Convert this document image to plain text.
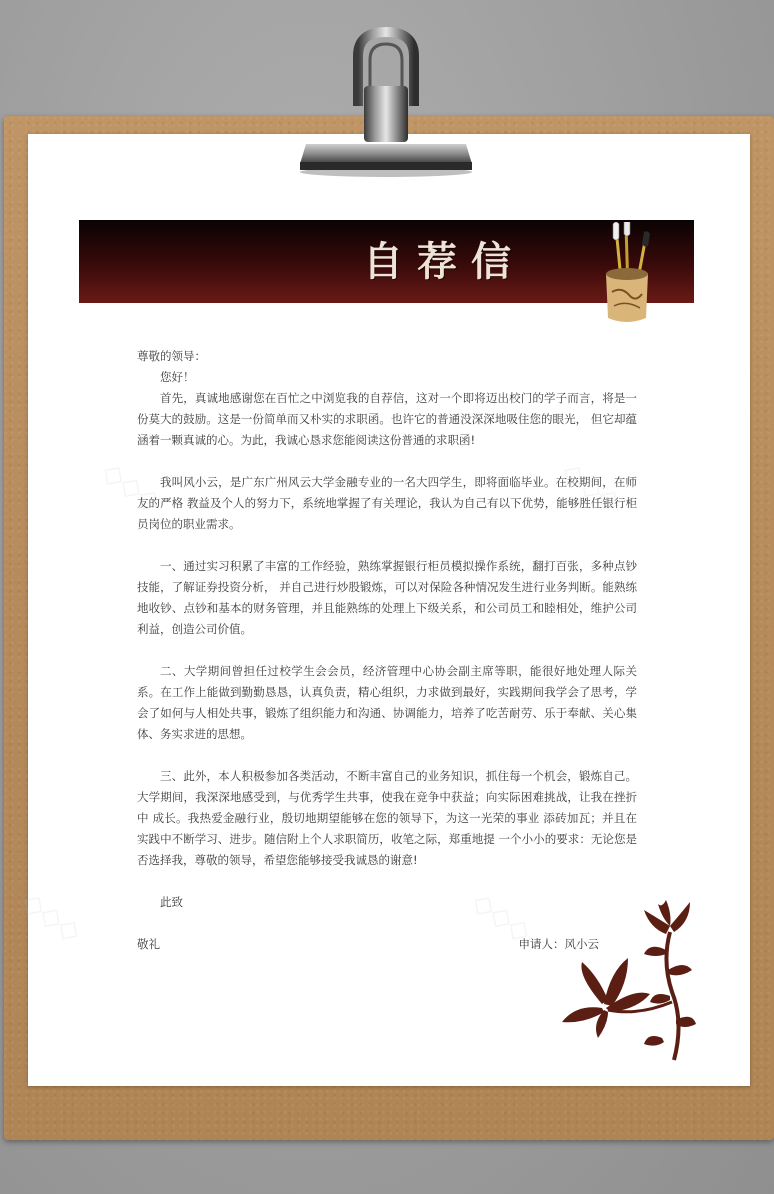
自荐信

尊敬的领导：

您好！

首先，真诚地感谢您在百忙之中浏览我的自荐信，这对一个即将迈出校门的学子而言，将是一份莫大的鼓励。这是一份简单而又朴实的求职函。也许它的普通没深深地吸住您的眼光， 但它却蕴涵着一颗真诚的心。为此，我诚心恳求您能阅读这份普通的求职函!

我叫风小云，是广东广州风云大学金融专业的一名大四学生，即将面临毕业。在校期间，在师友的严格 教益及个人的努力下，系统地掌握了有关理论，我认为自己有以下优势，能够胜任银行柜员岗位的职业需求。

一、通过实习积累了丰富的工作经验，熟练掌握银行柜员模拟操作系统，翻打百张，多种点钞技能，了解证券投资分析， 并自己进行炒股锻炼，可以对保险各种情况发生进行业务判断。能熟练地收钞、点钞和基本的财务管理，并且能熟练的处理上下级关系，和公司员工和睦相处，维护公司利益，创造公司价值。

二、大学期间曾担任过校学生会会员，经济管理中心协会副主席等职，能很好地处理人际关系。在工作上能做到勤勤恳恳，认真负责，精心组织，力求做到最好，实践期间我学会了思考，学会了如何与人相处共事，锻炼了组织能力和沟通、协调能力，培养了吃苦耐劳、乐于奉献、关心集体、务实求进的思想。

三、此外，本人积极参加各类活动，不断丰富自己的业务知识，抓住每一个机会，锻炼自己。大学期间，我深深地感受到，与优秀学生共事，使我在竞争中获益；向实际困难挑战，让我在挫折中 成长。我热爱金融行业，殷切地期望能够在您的领导下，为这一光荣的事业 添砖加瓦；并且在实践中不断学习、进步。随信附上个人求职简历，收笔之际，郑重地提 一个小小的要求：无论您是否选择我，尊敬的领导，希望您能够接受我诚恳的谢意!

此致

敬礼	申请人：风小云
